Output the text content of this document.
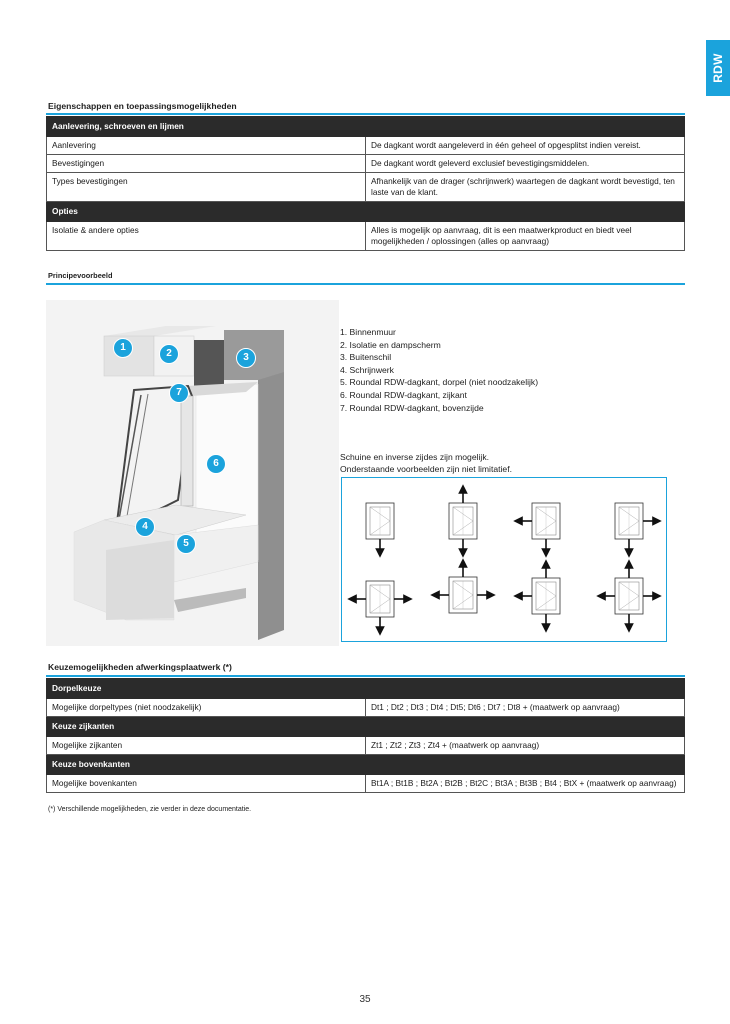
RDW
Eigenschappen en toepassingsmogelijkheden
Aanlevering, schroeven en lijmen	
Aanlevering	De dagkant wordt aangeleverd in één geheel of opgesplitst indien vereist.
Bevestigingen	De dagkant wordt geleverd exclusief bevestigingsmiddelen.
Types bevestigingen	Afhankelijk van de drager (schrijnwerk) waartegen de dagkant wordt bevestigd, ten laste van de klant.
Opties	
Isolatie & andere opties	Alles is mogelijk op aanvraag, dit is een maatwerkproduct en biedt veel mogelijkheden / oplossingen (alles op aanvraag)
Principevoorbeeld
1
2	3
4
5
6
7
1. Binnenmuur
2. Isolatie en dampscherm
3. Buitenschil
4. Schrijnwerk
5. Roundal RDW-dagkant, dorpel (niet noodzakelijk)
6. Roundal RDW-dagkant, zijkant
7. Roundal RDW-dagkant, bovenzijde
Schuine en inverse zijdes zijn mogelijk.
Onderstaande voorbeelden zijn niet limitatief.
Keuzemogelijkheden afwerkingsplaatwerk (*)
Dorpelkeuze	
Mogelijke dorpeltypes (niet noodzakelijk)	Dt1 ; Dt2 ; Dt3 ; Dt4 ; Dt5; Dt6 ; Dt7 ; Dt8 + (maatwerk op aanvraag)
Keuze zijkanten	
Mogelijke zijkanten	Zt1 ; Zt2 ; Zt3 ; Zt4 + (maatwerk op aanvraag)
Keuze bovenkanten	
Mogelijke bovenkanten	Bt1A ; Bt1B ; Bt2A ; Bt2B ; Bt2C ; Bt3A ; Bt3B ; Bt4 ; BtX + (maatwerk op aanvraag)
(*) Verschillende mogelijkheden, zie verder in deze documentatie.
35
